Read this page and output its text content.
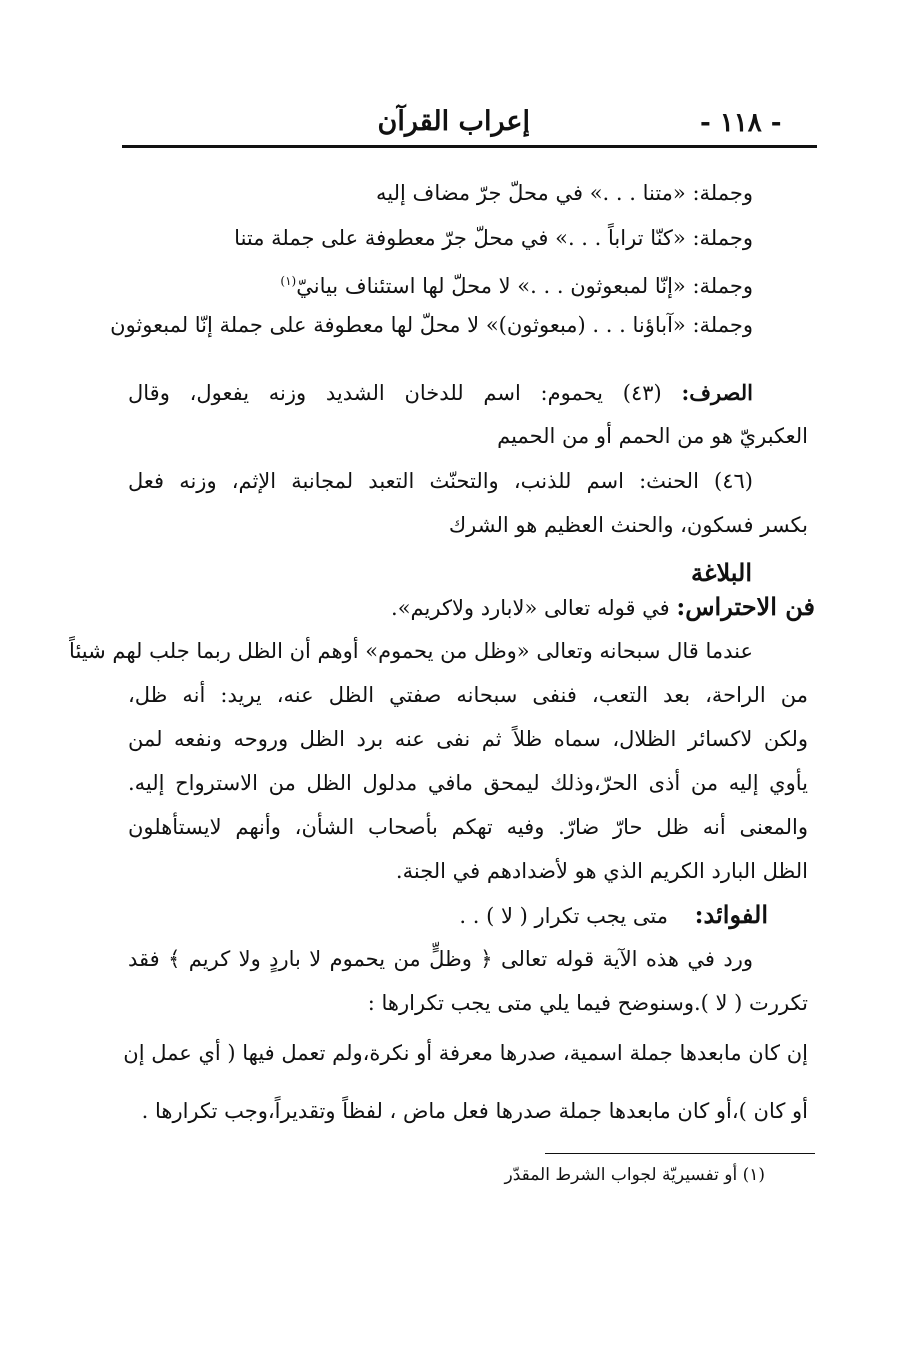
- ١١٨ -
إعراب القرآن
وجملة: «متنا . . .» في محلّ جرّ مضاف إليه
وجملة: «كنّا تراباً . . .» في محلّ جرّ معطوفة على جملة متنا
وجملة: «إنّا لمبعوثون . . .» لا محلّ لها استئناف بيانيّ$^{(١)}$
وجملة: «آباؤنا . . . (مبعوثون)» لا محلّ لها معطوفة على جملة إنّا لمبعوثون
الصرف: (٤٣) يحموم: اسم للدخان الشديد وزنه يفعول، وقال
العكبريّ هو من الحمم أو من الحميم
(٤٦) الحنث: اسم للذنب، والتحنّث التعبد لمجانبة الإثم، وزنه فعل
بكسر فسكون، والحنث العظيم هو الشرك
البلاغة
فن الاحتراس: في قوله تعالى «لابارد ولاكريم».
عندما قال سبحانه وتعالى «وظل من يحموم» أوهم أن الظل ربما جلب لهم شيئاً
من الراحة، بعد التعب، فنفى سبحانه صفتي الظل عنه، يريد: أنه ظل،
ولكن لاكسائر الظلال، سماه ظلاً ثم نفى عنه برد الظل وروحه ونفعه لمن
يأوي إليه من أذى الحرّ،وذلك ليمحق مافي مدلول الظل من الاسترواح إليه.
والمعنى أنه ظل حارّ ضارّ. وفيه تهكم بأصحاب الشأن، وأنهم لايستأهلون
الظل البارد الكريم الذي هو لأضدادهم في الجنة.
الفوائد:    متى يجب تكرار ( لا ) . .
ورد في هذه الآية قوله تعالى ﴿ وظلٍّ من يحموم لا باردٍ ولا كريم ﴾ فقد
تكررت ( لا ).وسنوضح فيما يلي متى يجب تكرارها :
إن كان مابعدها جملة اسمية، صدرها معرفة أو نكرة،ولم تعمل فيها ( أي عمل إن
أو كان )،أو كان مابعدها جملة صدرها فعل ماض ، لفظاً وتقديراً،وجب تكرارها .
(١) أو تفسيريّة لجواب الشرط المقدّر
